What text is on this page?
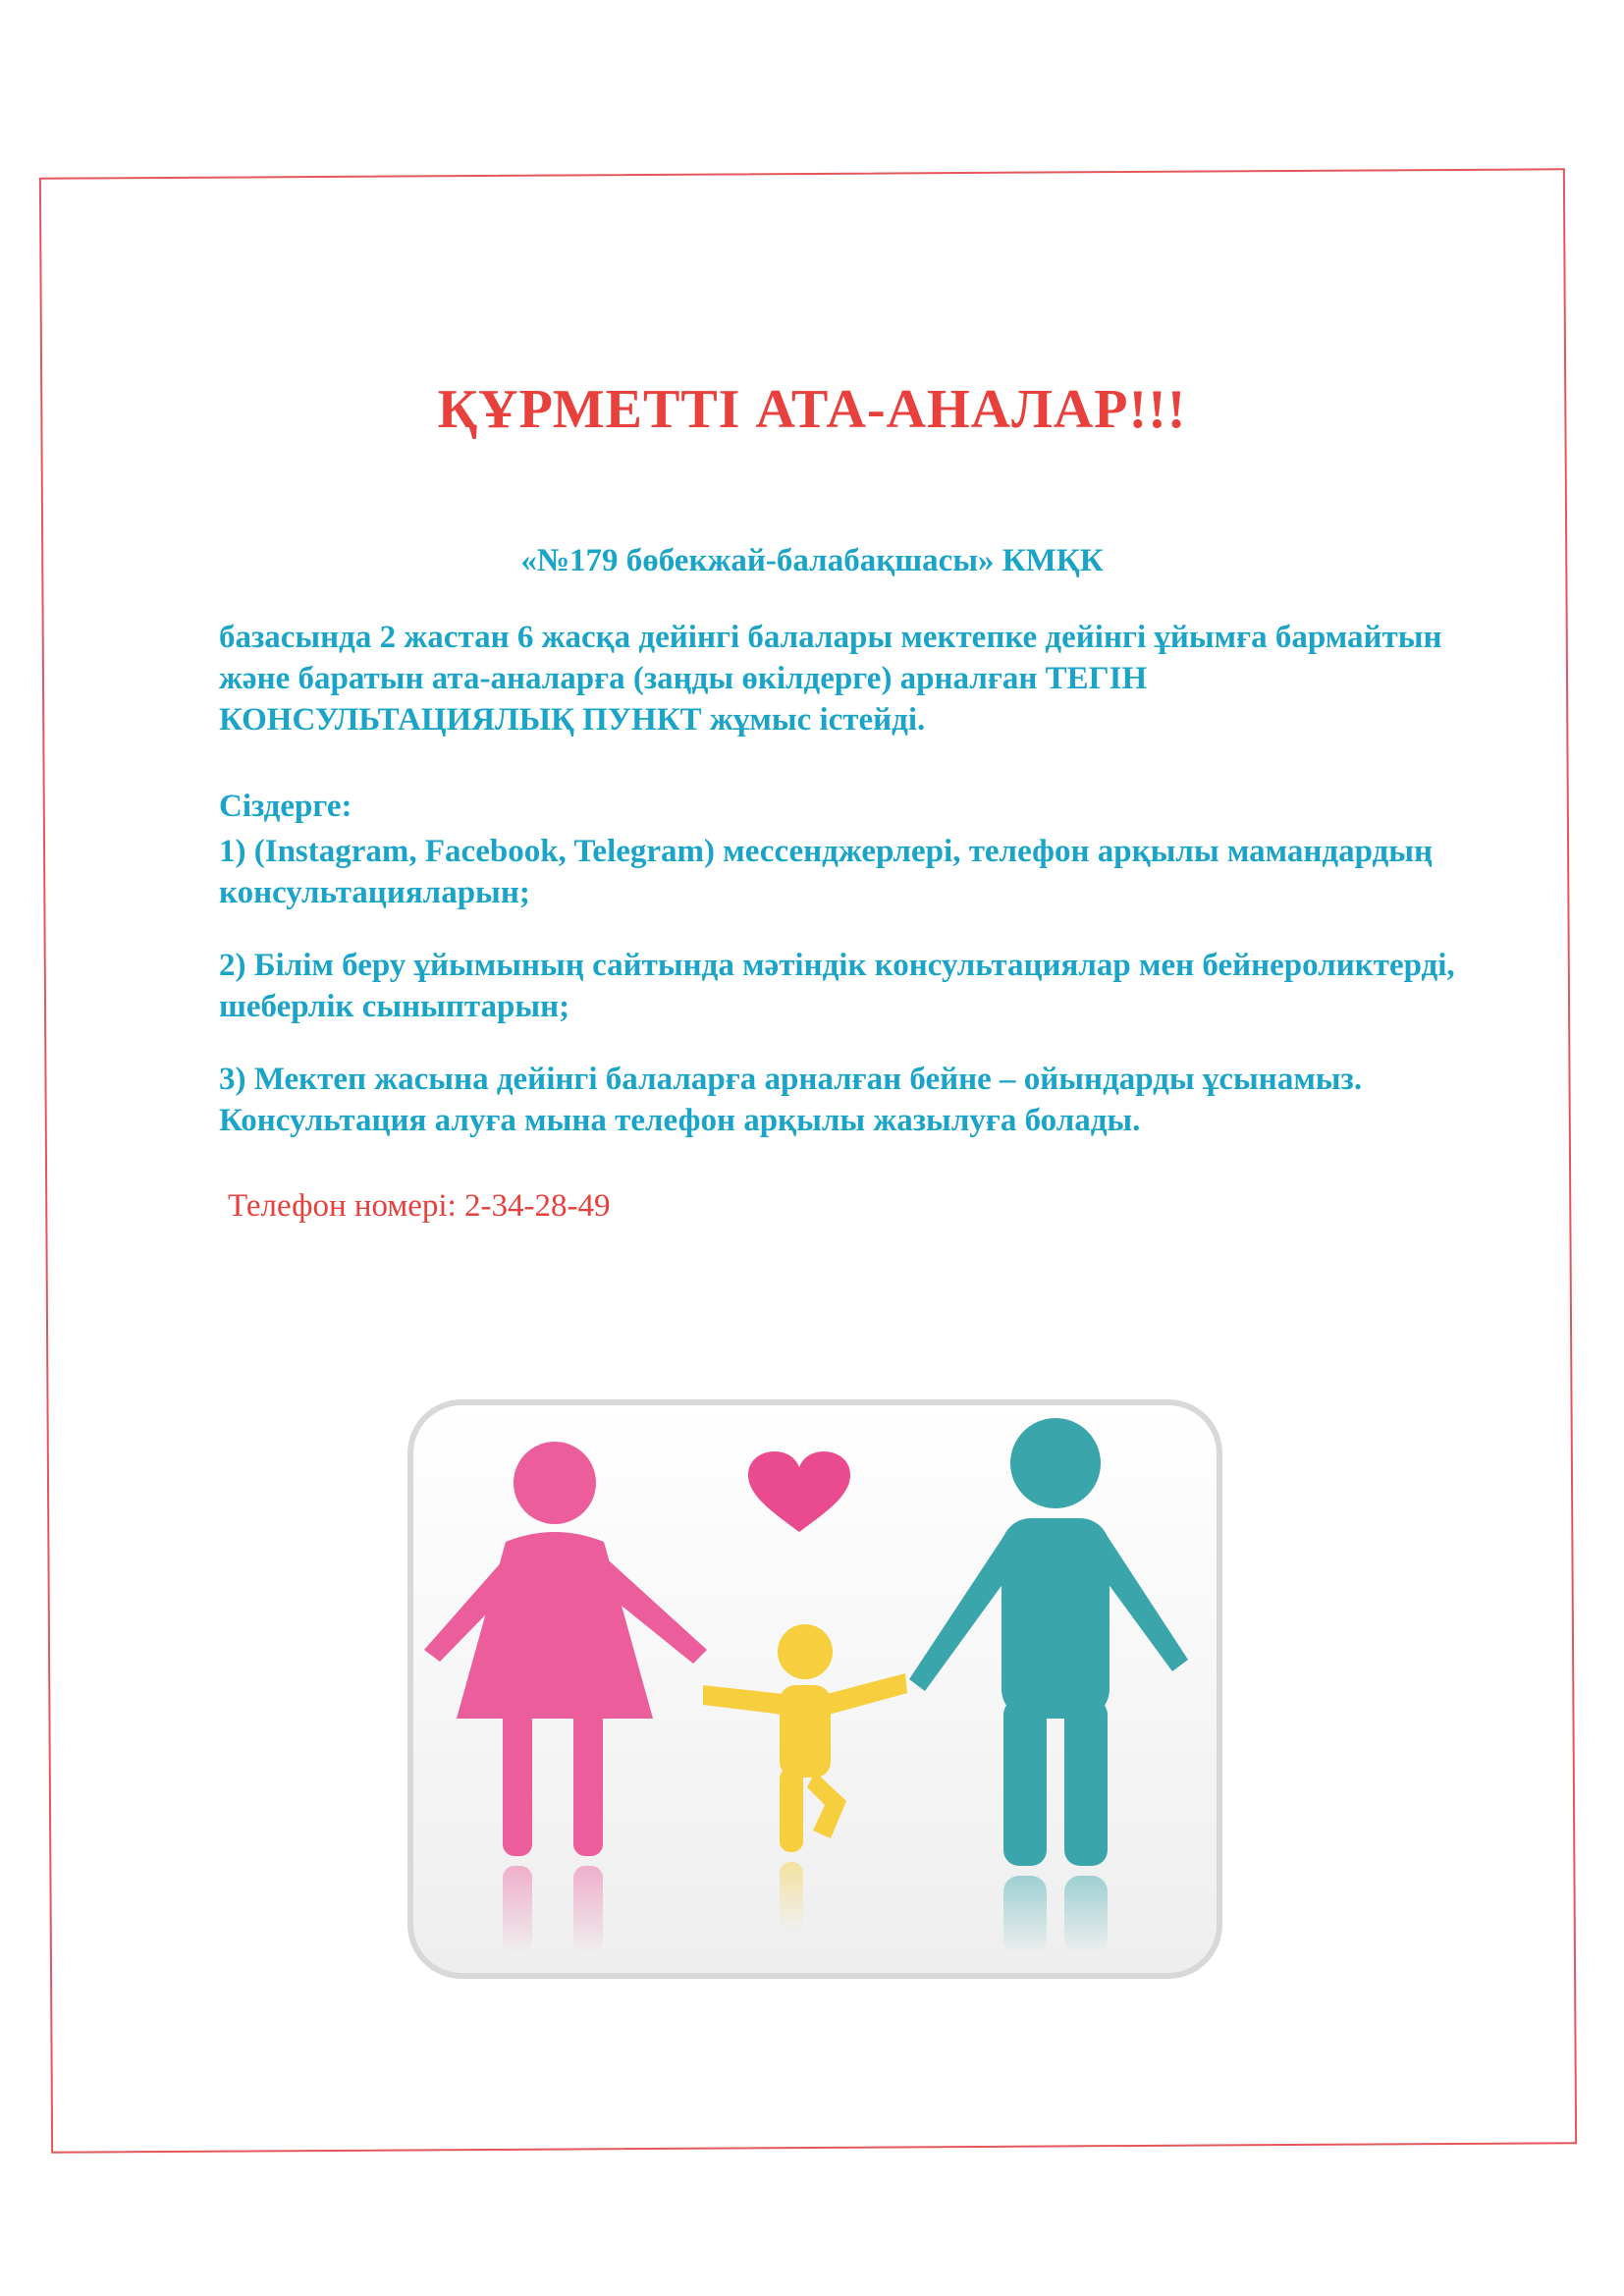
ҚҰРМЕТТІ АТА-АНАЛАР!!!
«№179 бөбекжай-балабақшасы» КМҚК

базасында 2 жастан 6 жасқа дейінгі балалары мектепке дейінгі ұйымға бармайтын және баратын ата-аналарға (заңды өкілдерге) арналған ТЕГІН КОНСУЛЬТАЦИЯЛЫҚ ПУНКТ жұмыс істейді.

Сіздерге:

1) (Instagram, Facebook, Telegram) мессенджерлері, телефон арқылы мамандардың консультацияларын;

2) Білім беру ұйымының сайтында мәтіндік консультациялар мен бейнероликтерді, шеберлік сыныптарын;

3) Мектеп жасына дейінгі балаларға арналған бейне – ойындарды ұсынамыз. Консультация алуға мына телефон арқылы жазылуға болады.

Телефон номері: 2-34-28-49
